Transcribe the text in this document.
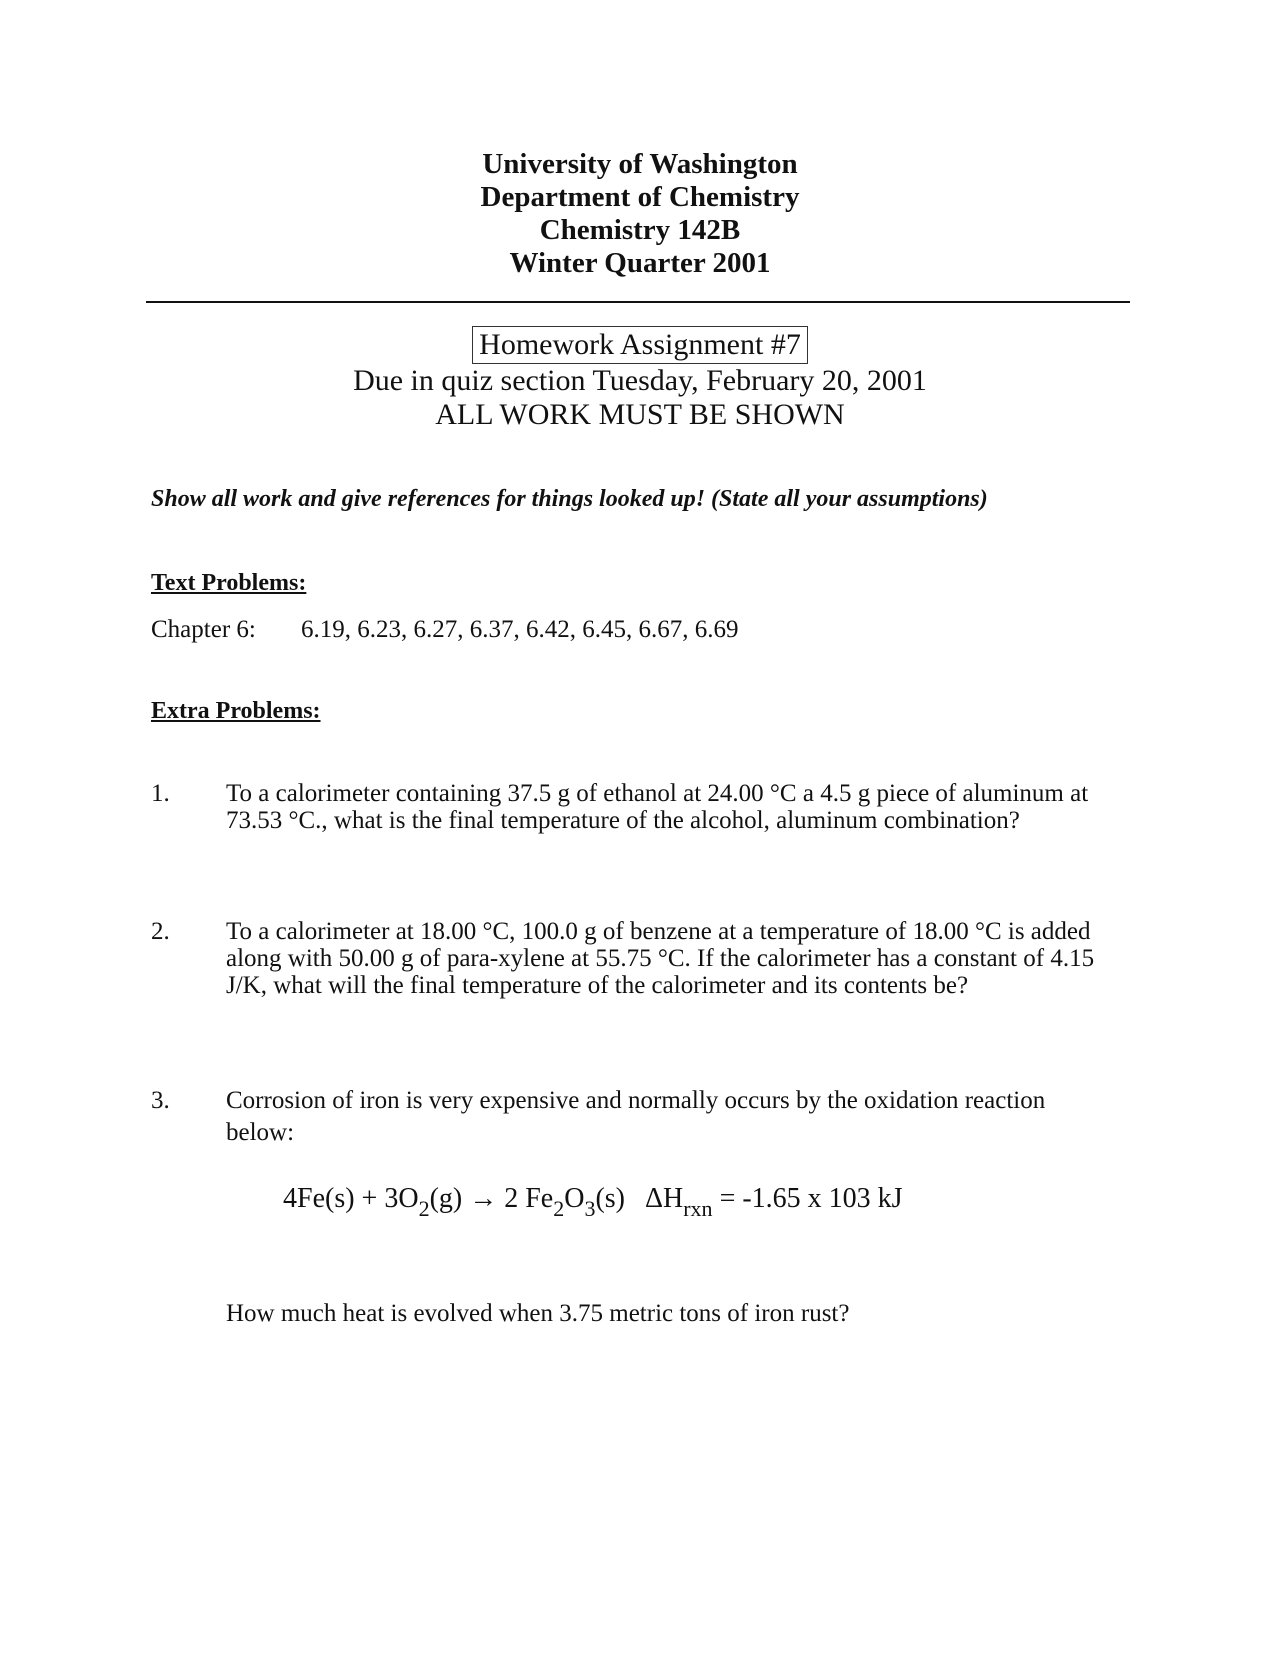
University of Washington
Department of Chemistry
Chemistry 142B
Winter Quarter 2001
Homework Assignment #7
Due in quiz section Tuesday, February 20, 2001
ALL WORK MUST BE SHOWN
Show all work and give references for things looked up! (State all your assumptions)
Text Problems:
Chapter 6: 6.19, 6.23, 6.27, 6.37, 6.42, 6.45, 6.67, 6.69
Extra Problems:
1. To a calorimeter containing 37.5 g of ethanol at 24.00 °C a 4.5 g piece of aluminum at 73.53 °C., what is the final temperature of the alcohol, aluminum combination?
2. To a calorimeter at 18.00 °C, 100.0 g of benzene at a temperature of 18.00 °C is added along with 50.00 g of para-xylene at 55.75 °C. If the calorimeter has a constant of 4.15 J/K, what will the final temperature of the calorimeter and its contents be?
3. Corrosion of iron is very expensive and normally occurs by the oxidation reaction below:
$4Fe(s) + 3O_2(g) \to 2$ $Fe_2O_3(s) \Delta H_{rxn} = -1.65$ x 103 kJ
How much heat is evolved when 3.75 metric tons of iron rust?
